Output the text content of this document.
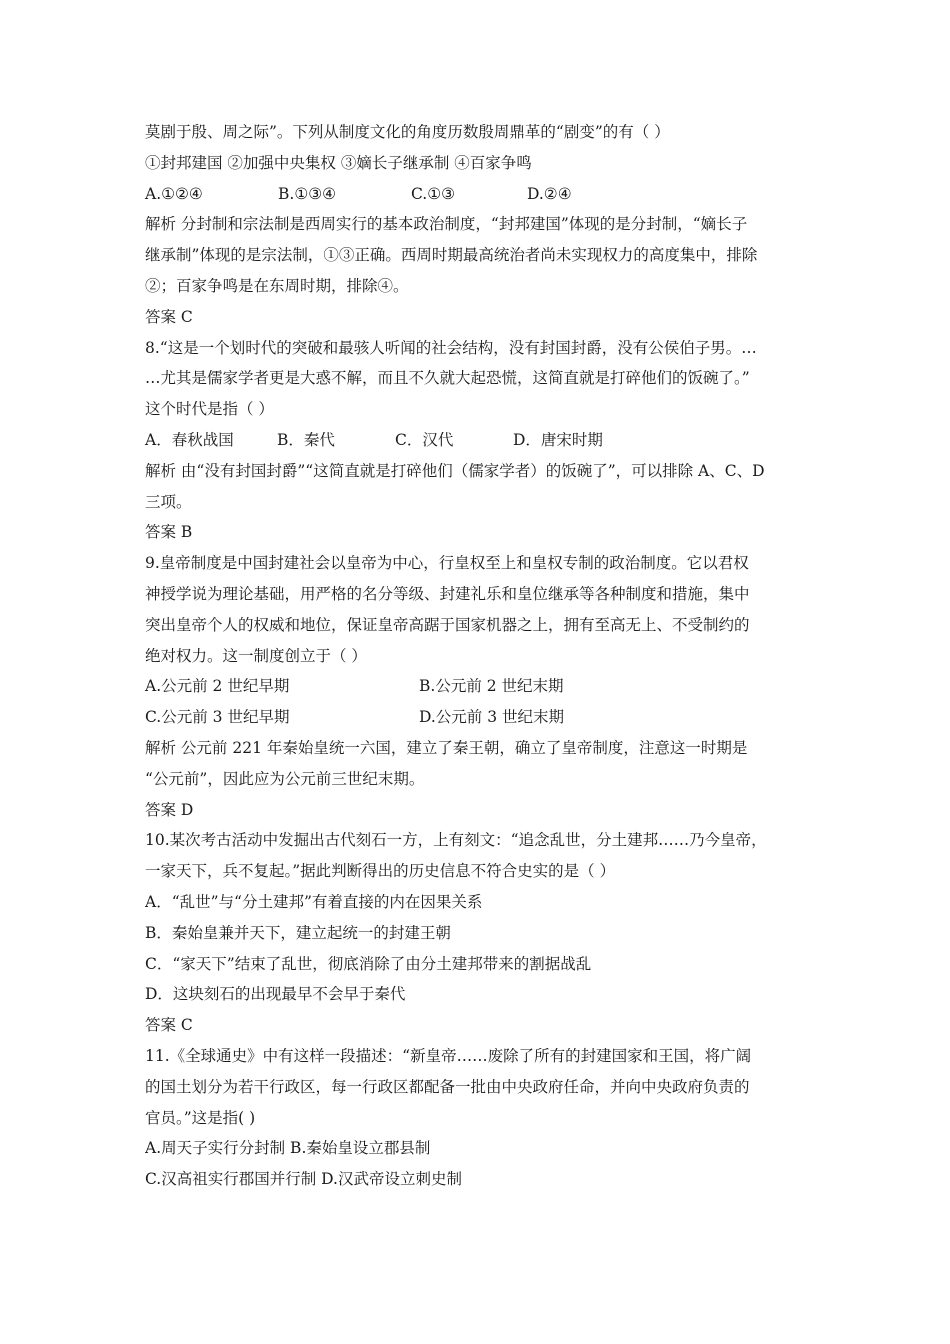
莫剧于殷、周之际”。下列从制度文化的角度历数殷周鼎革的“剧变”的有（ ）
①封邦建国 ②加强中央集权 ③嫡长子继承制 ④百家争鸣
A.①②④	B.①③④	C.①③	D.②④
解析 分封制和宗法制是西周实行的基本政治制度，“封邦建国”体现的是分封制，“嫡长子
继承制”体现的是宗法制，①③正确。西周时期最高统治者尚未实现权力的高度集中，排除
②；百家争鸣是在东周时期，排除④。
答案 C
8.“这是一个划时代的突破和最骇人听闻的社会结构，没有封国封爵，没有公侯伯子男。…
…尤其是儒家学者更是大惑不解，而且不久就大起恐慌，这简直就是打碎他们的饭碗了。”
这个时代是指（ ）
A．春秋战国	B．秦代	C．汉代	D．唐宋时期
解析 由“没有封国封爵”“这简直就是打碎他们（儒家学者）的饭碗了”，可以排除 A、C、D
三项。
答案 B
9.皇帝制度是中国封建社会以皇帝为中心，行皇权至上和皇权专制的政治制度。它以君权
神授学说为理论基础，用严格的名分等级、封建礼乐和皇位继承等各种制度和措施，集中
突出皇帝个人的权威和地位，保证皇帝高踞于国家机器之上，拥有至高无上、不受制约的
绝对权力。这一制度创立于（ ）
A.公元前 2 世纪早期	B.公元前 2 世纪末期
C.公元前 3 世纪早期	D.公元前 3 世纪末期
解析 公元前 221 年秦始皇统一六国，建立了秦王朝，确立了皇帝制度，注意这一时期是
“公元前”，因此应为公元前三世纪末期。
答案 D
10.某次考古活动中发掘出古代刻石一方，上有刻文：“追念乱世，分土建邦……乃今皇帝，
一家天下，兵不复起。”据此判断得出的历史信息不符合史实的是（ ）
A．“乱世”与“分土建邦”有着直接的内在因果关系
B．秦始皇兼并天下，建立起统一的封建王朝
C．“家天下”结束了乱世，彻底消除了由分土建邦带来的割据战乱
D．这块刻石的出现最早不会早于秦代
答案 C
11.《全球通史》中有这样一段描述：“新皇帝……废除了所有的封建国家和王国，将广阔
的国土划分为若干行政区，每一行政区都配备一批由中央政府任命，并向中央政府负责的
官员。”这是指( )
A.周天子实行分封制 B.秦始皇设立郡县制
C.汉高祖实行郡国并行制 D.汉武帝设立刺史制
